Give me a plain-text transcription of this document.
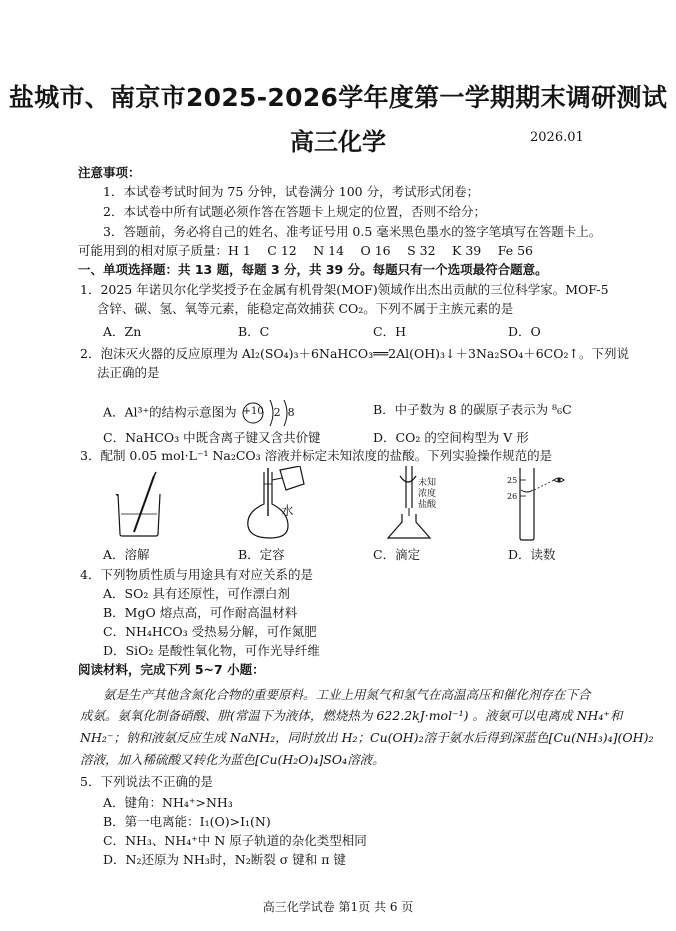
盐城市、南京市2025-2026学年度第一学期期末调研测试
高三化学	2026.01
注意事项：
1．本试卷考试时间为 75 分钟，试卷满分 100 分，考试形式闭卷；
2．本试卷中所有试题必须作答在答题卡上规定的位置，否则不给分；
3．答题前，务必将自己的姓名、准考证号用 0.5 毫米黑色墨水的签字笔填写在答题卡上。
可能用到的相对原子质量：H 1　 C 12　 N 14　 O 16　 S 32　 K 39　 Fe 56
一、单项选择题：共 13 题，每题 3 分，共 39 分。每题只有一个选项最符合题意。
1．2025 年诺贝尔化学奖授予在金属有机骨架(MOF)领域作出杰出贡献的三位科学家。MOF-5
含锌、碳、氢、氧等元素，能稳定高效捕获 CO₂。下列不属于主族元素的是
A．Zn	B．C	C．H	D．O
2．泡沫灭火器的反应原理为 Al₂(SO₄)₃＋6NaHCO₃══2Al(OH)₃↓＋3Na₂SO₄＋6CO₂↑。下列说
法正确的是
A．Al³⁺的结构示意图为 +10 2 8	B．中子数为 8 的碳原子表示为 ⁸₆C
C．NaHCO₃ 中既含离子键又含共价键	D．CO₂ 的空间构型为 V 形
3．配制 0.05 mol·L⁻¹ Na₂CO₃ 溶液并标定未知浓度的盐酸。下列实验操作规范的是
水
未知
浓度
盐酸
25
26
A．溶解	B．定容	C．滴定	D．读数
4．下列物质性质与用途具有对应关系的是
A．SO₂ 具有还原性，可作漂白剂
B．MgO 熔点高，可作耐高温材料
C．NH₄HCO₃ 受热易分解，可作氮肥
D．SiO₂ 是酸性氧化物，可作光导纤维
阅读材料，完成下列 5~7 小题：
氨是生产其他含氮化合物的重要原料。工业上用氮气和氢气在高温高压和催化剂存在下合
成氨。氨氧化制备硝酸、肼(常温下为液体，燃烧热为 622.2kJ·mol⁻¹) 。液氨可以电离成 NH₄⁺和
NH₂⁻；钠和液氨反应生成 NaNH₂，同时放出 H₂；Cu(OH)₂溶于氨水后得到深蓝色[Cu(NH₃)₄](OH)₂
溶液，加入稀硫酸又转化为蓝色[Cu(H₂O)₄]SO₄溶液。
5．下列说法不正确的是
A．键角：NH₄⁺>NH₃
B．第一电离能：I₁(O)>I₁(N)
C．NH₃、NH₄⁺中 N 原子轨道的杂化类型相同
D．N₂还原为 NH₃时，N₂断裂 σ 键和 π 键
高三化学试卷 第1页 共 6 页
